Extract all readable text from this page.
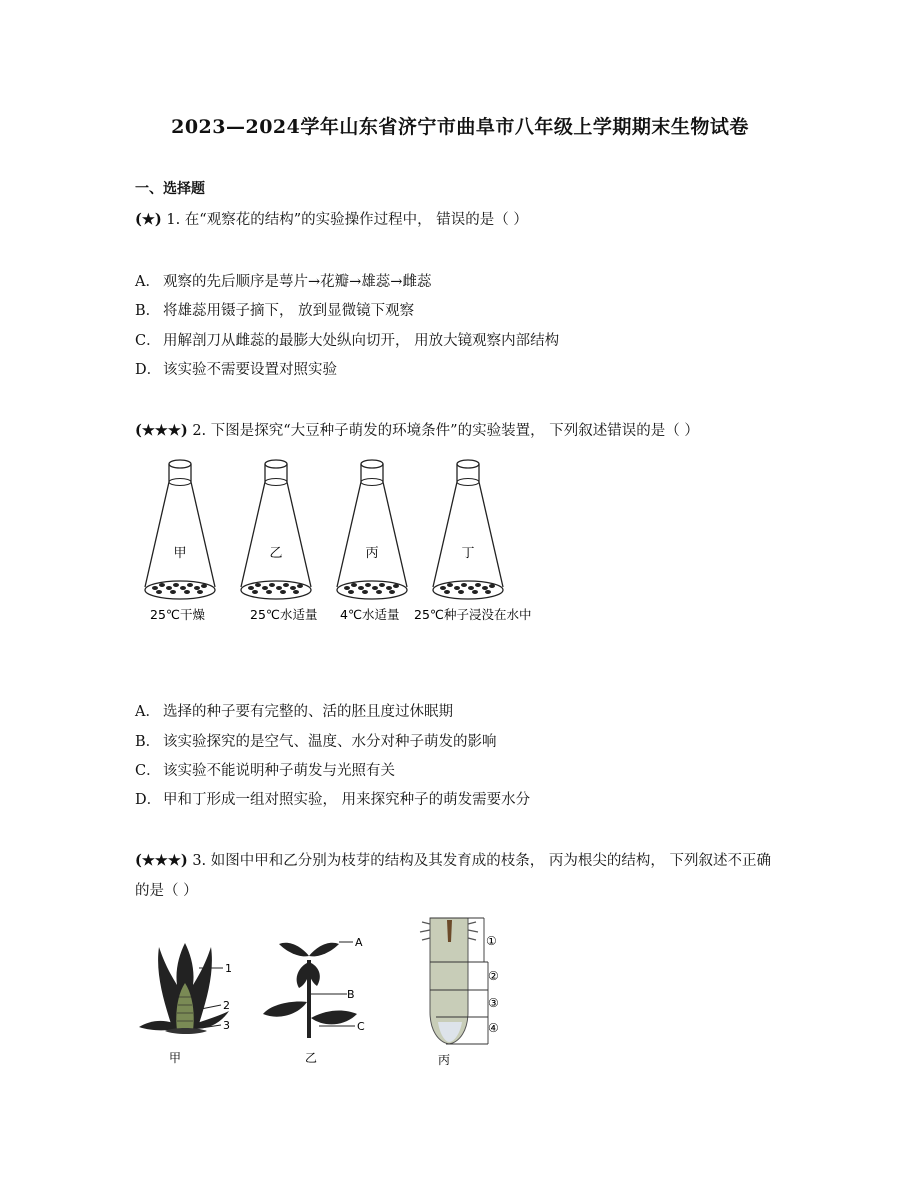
2023—2024学年山东省济宁市曲阜市八年级上学期期末生物试卷
一、选择题
(★) 1. 在“观察花的结构”的实验操作过程中， 错误的是（ ）
A． 观察的先后顺序是萼片→花瓣→雄蕊→雌蕊
B． 将雄蕊用镊子摘下， 放到显微镜下观察
C． 用解剖刀从雌蕊的最膨大处纵向切开， 用放大镜观察内部结构
D． 该实验不需要设置对照实验
(★★★) 2. 下图是探究“大豆种子萌发的环境条件”的实验装置， 下列叙述错误的是（ ）
甲	乙	丙	丁
25℃干燥	25℃水适量 4℃水适量 25℃种子浸没在水中
A． 选择的种子要有完整的、活的胚且度过休眠期
B． 该实验探究的是空气、温度、水分对种子萌发的影响
C． 该实验不能说明种子萌发与光照有关
D． 甲和丁形成一组对照实验， 用来探究种子的萌发需要水分
(★★★) 3. 如图中甲和乙分别为枝芽的结构及其发育成的枝条， 丙为根尖的结构， 下列叙述不正确
的是（ ）
1
2
3
甲
A
B
C
乙
①
②
③
④
丙
